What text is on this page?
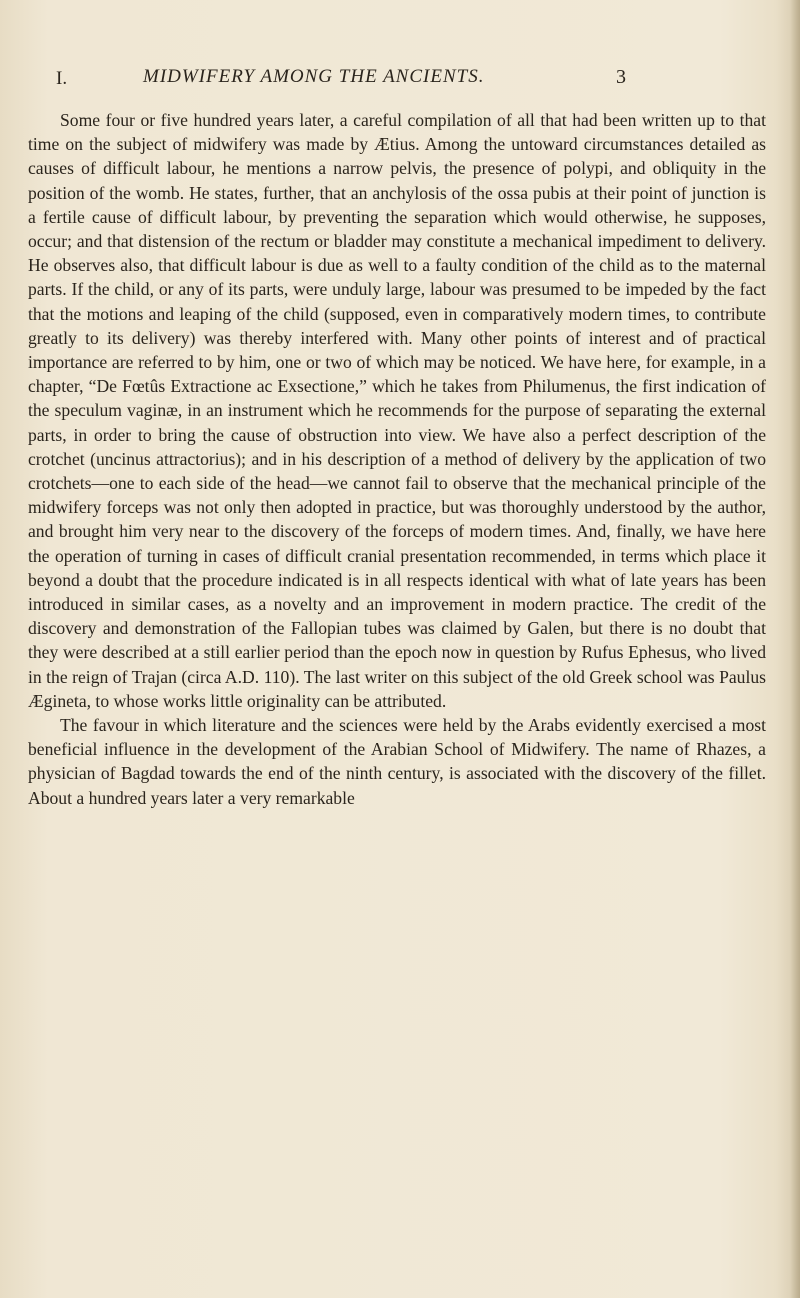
I.	MIDWIFERY AMONG THE ANCIENTS.	3

Some four or five hundred years later, a careful compilation of all that had been written up to that time on the subject of midwifery was made by Ætius. Among the untoward circumstances detailed as causes of difficult labour, he mentions a narrow pelvis, the presence of polypi, and obliquity in the position of the womb. He states, further, that an anchylosis of the ossa pubis at their point of junction is a fertile cause of difficult labour, by preventing the separation which would otherwise, he supposes, occur; and that distension of the rectum or bladder may constitute a mechanical impediment to delivery. He observes also, that difficult labour is due as well to a faulty condition of the child as to the maternal parts. If the child, or any of its parts, were unduly large, labour was presumed to be impeded by the fact that the motions and leaping of the child (supposed, even in comparatively modern times, to contribute greatly to its delivery) was thereby interfered with. Many other points of interest and of practical importance are referred to by him, one or two of which may be noticed. We have here, for example, in a chapter, “De Fœtûs Extractione ac Exsectione,” which he takes from Philumenus, the first indication of the speculum vaginæ, in an instrument which he recommends for the purpose of separating the external parts, in order to bring the cause of obstruction into view. We have also a perfect description of the crotchet (uncinus attractorius); and in his description of a method of delivery by the application of two crotchets—one to each side of the head—we cannot fail to observe that the mechanical principle of the midwifery forceps was not only then adopted in practice, but was thoroughly understood by the author, and brought him very near to the discovery of the forceps of modern times. And, finally, we have here the operation of turning in cases of difficult cranial presentation recommended, in terms which place it beyond a doubt that the procedure indicated is in all respects identical with what of late years has been introduced in similar cases, as a novelty and an improvement in modern practice. The credit of the discovery and demonstration of the Fallopian tubes was claimed by Galen, but there is no doubt that they were described at a still earlier period than the epoch now in question by Rufus Ephesus, who lived in the reign of Trajan (circa A.D. 110). The last writer on this subject of the old Greek school was Paulus Ægineta, to whose works little originality can be attributed.

The favour in which literature and the sciences were held by the Arabs evidently exercised a most beneficial influence in the development of the Arabian School of Midwifery. The name of Rhazes, a physician of Bagdad towards the end of the ninth century, is associated with the discovery of the fillet. About a hundred years later a very remarkable
